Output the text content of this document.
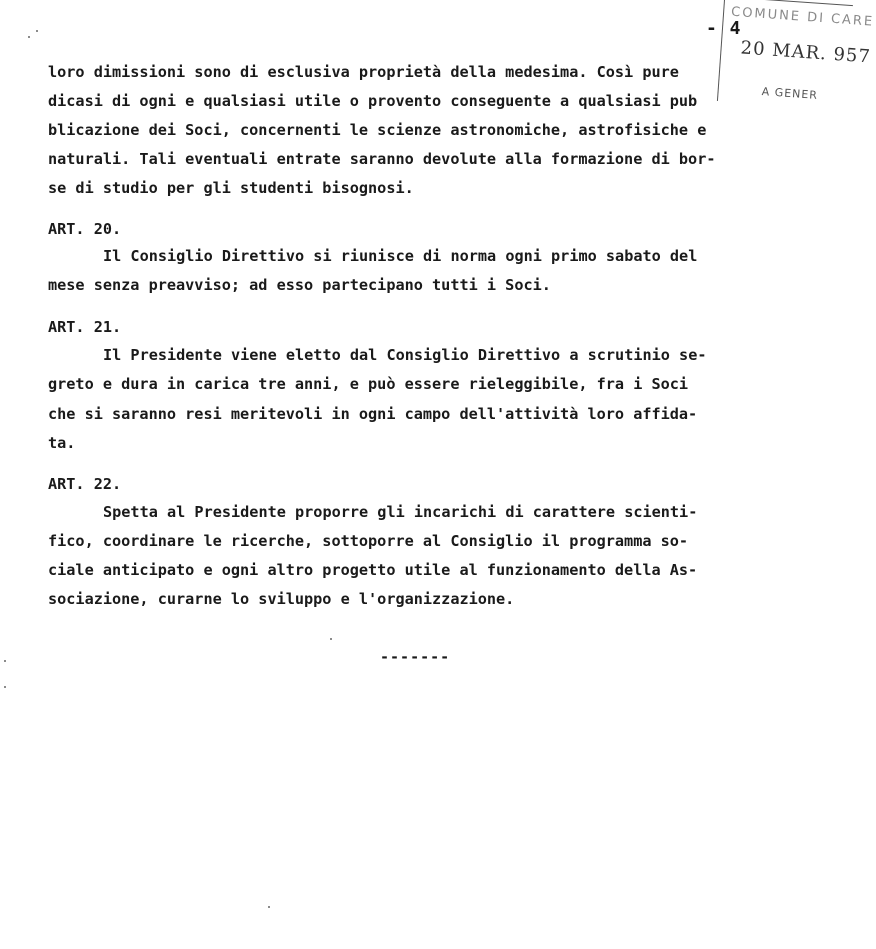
- 4
COMUNE DI CARE
20 MAR. 957
A GENER

loro dimissioni sono di esclusiva proprietà della medesima. Così pure

dicasi di ogni e qualsiasi utile o provento conseguente a qualsiasi pub

blicazione dei Soci, concernenti le scienze astronomiche, astrofisiche e

naturali. Tali eventuali entrate saranno devolute alla formazione di bor-

se di studio per gli studenti bisognosi.

ART. 20.

Il Consiglio Direttivo si riunisce di norma ogni primo sabato del

mese senza preavviso; ad esso partecipano tutti i Soci.

ART. 21.

Il Presidente viene eletto dal Consiglio Direttivo a scrutinio se-

greto e dura in carica tre anni, e può essere rieleggibile, fra i Soci

che si saranno resi meritevoli in ogni campo dell'attività loro affida-

ta.

ART. 22.

Spetta al Presidente proporre gli incarichi di carattere scienti-

fico, coordinare le ricerche, sottoporre al Consiglio il programma so-

ciale anticipato e ogni altro progetto utile al funzionamento della As-

sociazione, curarne lo sviluppo e l'organizzazione.

-------
